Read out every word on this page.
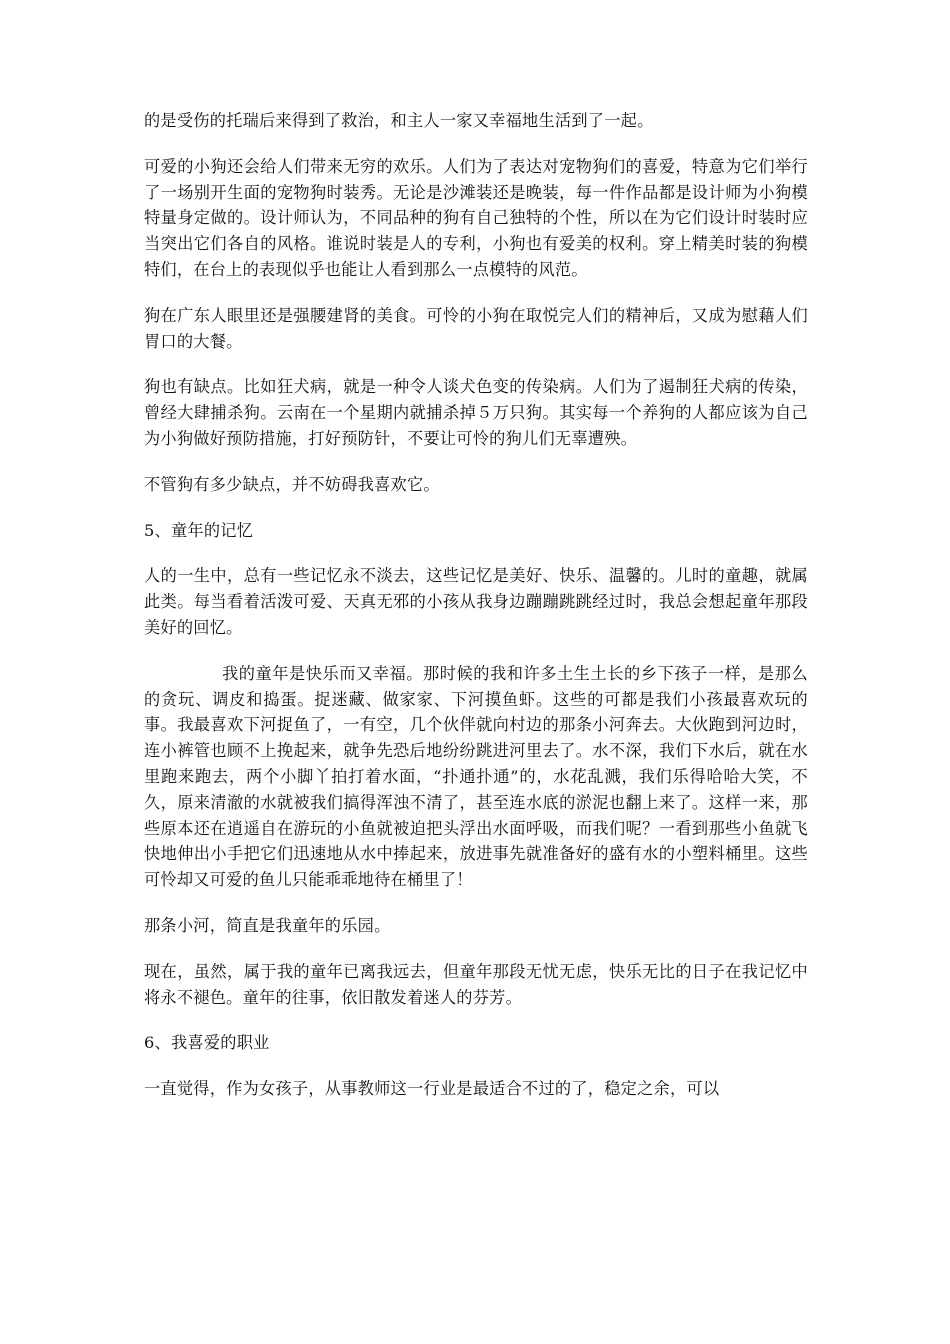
的是受伤的托瑞后来得到了救治，和主人一家又幸福地生活到了一起。

可爱的小狗还会给人们带来无穷的欢乐。人们为了表达对宠物狗们的喜爱，特意为它们举行了一场别开生面的宠物狗时装秀。无论是沙滩装还是晚装，每一件作品都是设计师为小狗模特量身定做的。设计师认为，不同品种的狗有自己独特的个性，所以在为它们设计时装时应当突出它们各自的风格。谁说时装是人的专利，小狗也有爱美的权利。穿上精美时装的狗模特们，在台上的表现似乎也能让人看到那么一点模特的风范。

狗在广东人眼里还是强腰建肾的美食。可怜的小狗在取悦完人们的精神后，又成为慰藉人们胃口的大餐。

狗也有缺点。比如狂犬病，就是一种令人谈犬色变的传染病。人们为了遏制狂犬病的传染，曾经大肆捕杀狗。云南在一个星期内就捕杀掉５万只狗。其实每一个养狗的人都应该为自己为小狗做好预防措施，打好预防针，不要让可怜的狗儿们无辜遭殃。

不管狗有多少缺点，并不妨碍我喜欢它。

5、童年的记忆

人的一生中，总有一些记忆永不淡去，这些记忆是美好、快乐、温馨的。儿时的童趣，就属此类。每当看着活泼可爱、天真无邪的小孩从我身边蹦蹦跳跳经过时，我总会想起童年那段美好的回忆。

我的童年是快乐而又幸福。那时候的我和许多土生土长的乡下孩子一样，是那么的贪玩、调皮和捣蛋。捉迷藏、做家家、下河摸鱼虾。这些的可都是我们小孩最喜欢玩的事。我最喜欢下河捉鱼了，一有空，几个伙伴就向村边的那条小河奔去。大伙跑到河边时，连小裤管也顾不上挽起来，就争先恐后地纷纷跳进河里去了。水不深，我们下水后，就在水里跑来跑去，两个小脚丫拍打着水面，“扑通扑通”的，水花乱溅，我们乐得哈哈大笑，不久，原来清澈的水就被我们搞得浑浊不清了，甚至连水底的淤泥也翻上来了。这样一来，那些原本还在逍遥自在游玩的小鱼就被迫把头浮出水面呼吸，而我们呢？一看到那些小鱼就飞快地伸出小手把它们迅速地从水中捧起来，放进事先就准备好的盛有水的小塑料桶里。这些可怜却又可爱的鱼儿只能乖乖地待在桶里了！

那条小河，简直是我童年的乐园。

现在，虽然，属于我的童年已离我远去，但童年那段无忧无虑，快乐无比的日子在我记忆中将永不褪色。童年的往事，依旧散发着迷人的芬芳。

6、我喜爱的职业

一直觉得，作为女孩子，从事教师这一行业是最适合不过的了，稳定之余，可以
